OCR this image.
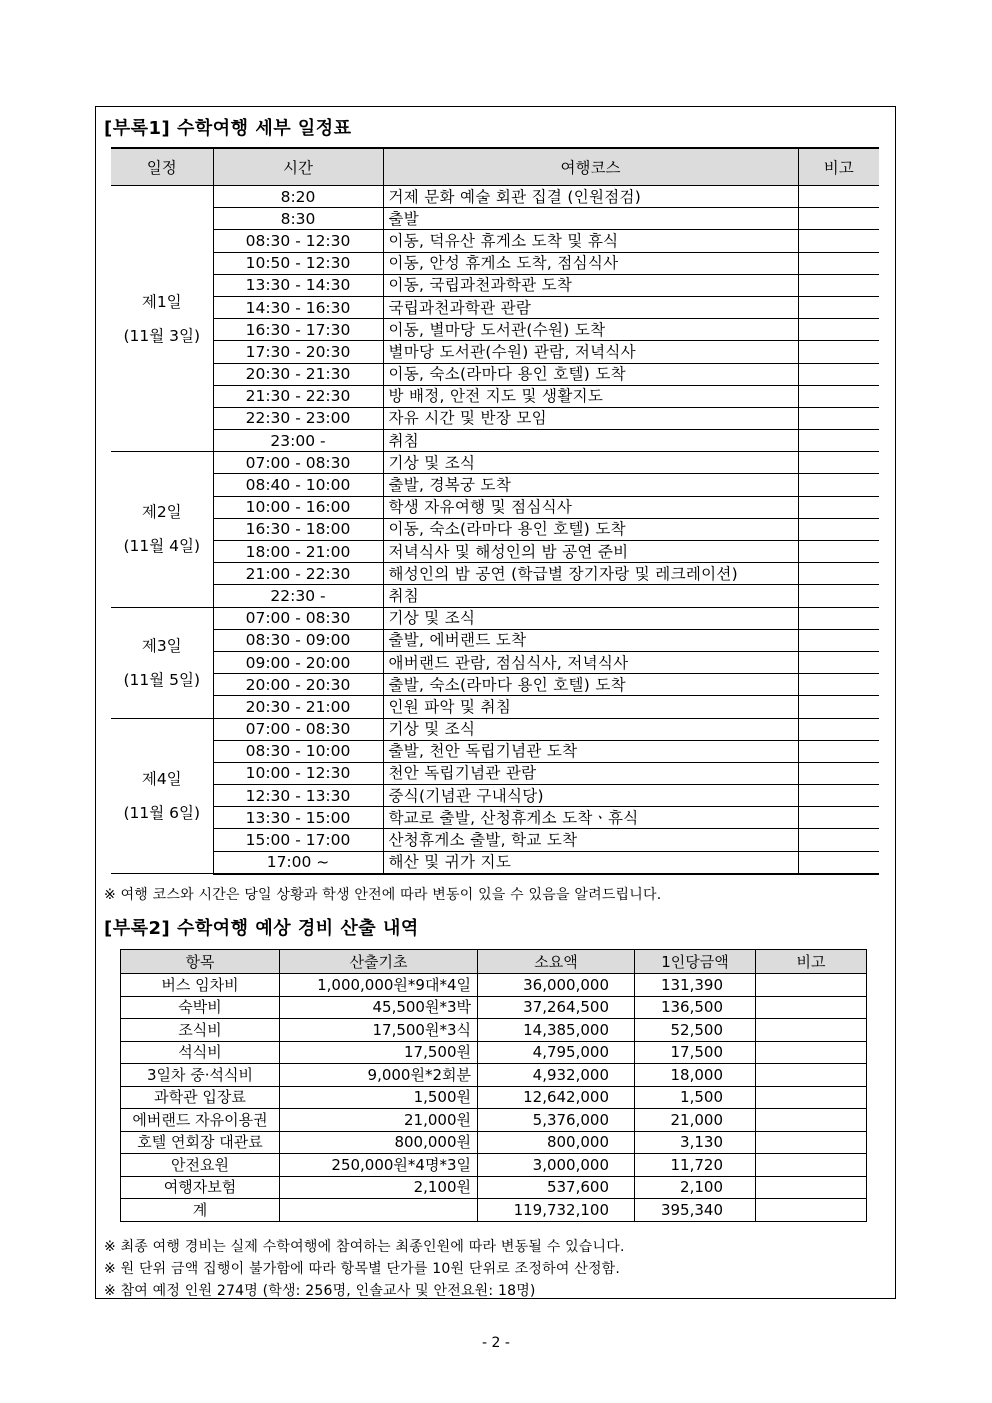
[부록1] 수학여행 세부 일정표
일정	시간	여행코스	비고

제1일
(11월 3일)	8:20	거제 문화 예술 회관 집결 (인원점검)	
	8:30	출발	
	08:30 - 12:30	이동, 덕유산 휴게소 도착 및 휴식	
	10:50 - 12:30	이동, 안성 휴게소 도착, 점심식사	
	13:30 - 14:30	이동, 국립과천과학관 도착	
	14:30 - 16:30	국립과천과학관 관람	
	16:30 - 17:30	이동, 별마당 도서관(수원) 도착	
	17:30 - 20:30	별마당 도서관(수원) 관람, 저녁식사	
	20:30 - 21:30	이동, 숙소(라마다 용인 호텔) 도착	
	21:30 - 22:30	방 배정, 안전 지도 및 생활지도	
	22:30 - 23:00	자유 시간 및 반장 모임	
	23:00 -	취침	

제2일
(11월 4일)	07:00 - 08:30	기상 및 조식	
	08:40 - 10:00	출발, 경복궁 도착	
	10:00 - 16:00	학생 자유여행 및 점심식사	
	16:30 - 18:00	이동, 숙소(라마다 용인 호텔) 도착	
	18:00 - 21:00	저녁식사 및 해성인의 밤 공연 준비	
	21:00 - 22:30	해성인의 밤 공연 (학급별 장기자랑 및 레크레이션)	
	22:30 -	취침	

제3일
(11월 5일)	07:00 - 08:30	기상 및 조식	
	08:30 - 09:00	출발, 에버랜드 도착	
	09:00 - 20:00	애버랜드 관람, 점심식사, 저녁식사	
	20:00 - 20:30	출발, 숙소(라마다 용인 호텔) 도착	
	20:30 - 21:00	인원 파악 및 취침	

제4일
(11월 6일)	07:00 - 08:30	기상 및 조식	
	08:30 - 10:00	출발, 천안 독립기념관 도착	
	10:00 - 12:30	천안 독립기념관 관람	
	12:30 - 13:30	중식(기념관 구내식당)	
	13:30 - 15:00	학교로 출발, 산청휴게소 도착ㆍ휴식	
	15:00 - 17:00	산청휴게소 출발, 학교 도착	
	17:00 ~	해산 및 귀가 지도	
※ 여행 코스와 시간은 당일 상황과 학생 안전에 따라 변동이 있을 수 있음을 알려드립니다.
[부록2] 수학여행 예상 경비 산출 내역
항목	산출기초	소요액	1인당금액	비고
버스 임차비	1,000,000원*9대*4일	36,000,000	131,390	
숙박비	45,500원*3박	37,264,500	136,500	
조식비	17,500원*3식	14,385,000	52,500	
석식비	17,500원	4,795,000	17,500	
3일차 중·석식비	9,000원*2회분	4,932,000	18,000	
과학관 입장료	1,500원	12,642,000	1,500	
에버랜드 자유이용권	21,000원	5,376,000	21,000	
호텔 연회장 대관료	800,000원	800,000	3,130	
안전요원	250,000원*4명*3일	3,000,000	11,720	
여행자보험	2,100원	537,600	2,100	
계		119,732,100	395,340	
※ 최종 여행 경비는 실제 수학여행에 참여하는 최종인원에 따라 변동될 수 있습니다.
※ 원 단위 금액 집행이 불가함에 따라 항목별 단가를 10원 단위로 조정하여 산정함.
※ 참여 예정 인원 274명 (학생: 256명, 인솔교사 및 안전요원: 18명)
- 2 -
